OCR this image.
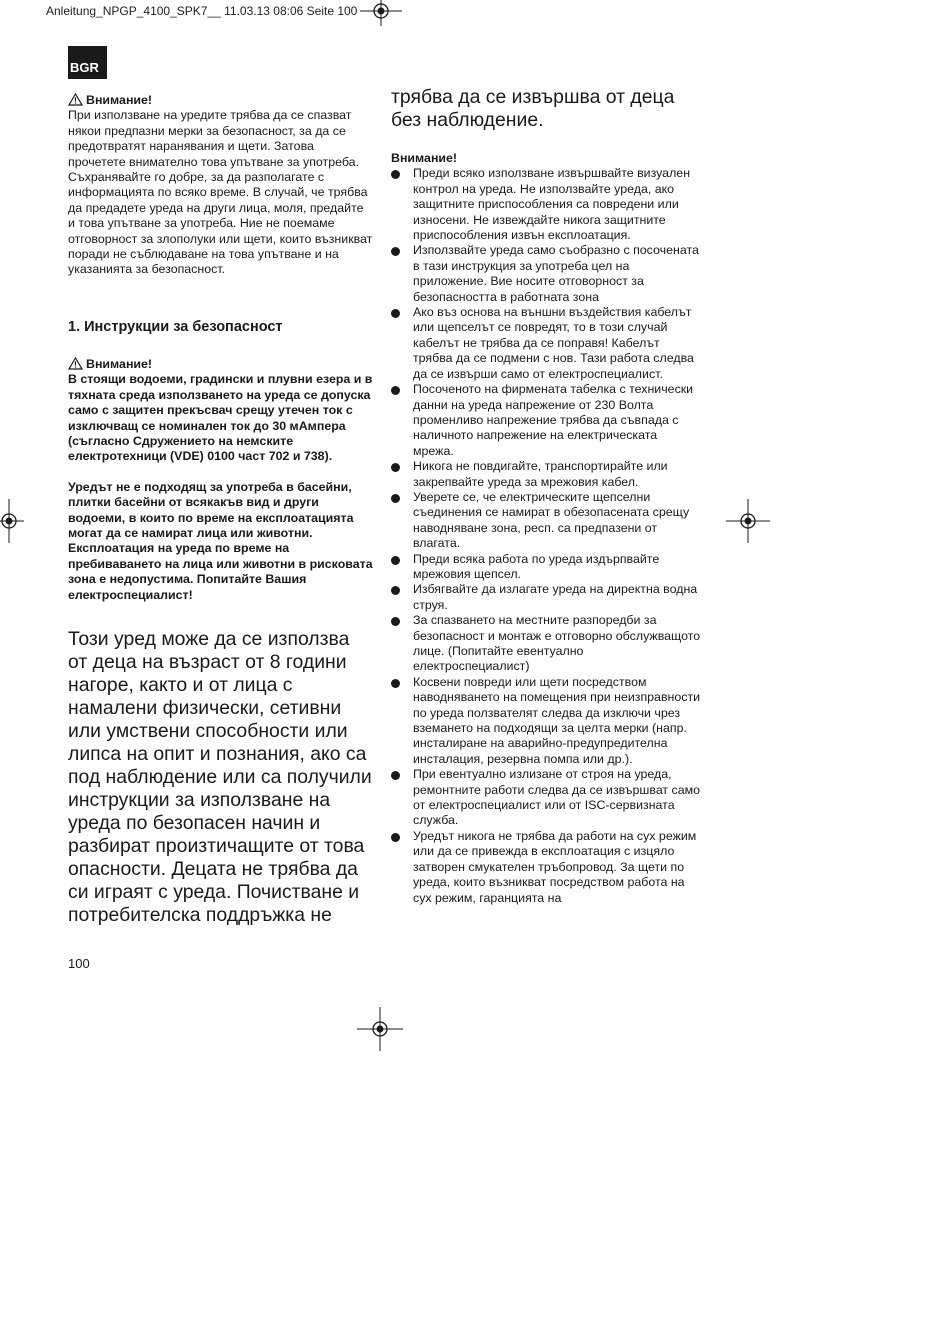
Anleitung_NPGP_4100_SPK7__ 11.03.13 08:06 Seite 100
BGR
Внимание!

При използване на уредите трябва да се спазват някои предпазни мерки за безопасност, за да се предотвратят наранявания и щети. Затова прочетете внимателно това упътване за употреба. Съхранявайте го добре, за да разполагате с информацията по всяко време. В случай, че трябва да предадете уреда на други лица, моля, предайте и това упътване за употреба. Ние не поемаме отговорност за злополуки или щети, които възникват поради не съблюдаване на това упътване и на указанията за безопасност.

1. Инструкции за безопасност
Внимание!

В стоящи водоеми, градински и плувни езера и в тяхната среда използването на уреда се допуска само с защитен прекъсвач срещу утечен ток с изключващ се номинален ток до 30 мАмпера (съгласно Сдружението на немските електротехници (VDE) 0100 част 702 и 738).

Уредът не е подходящ за употреба в басейни, плитки басейни от всякакъв вид и други водоеми, в които по време на експлоатацията могат да се намират лица или животни. Експлоатация на уреда по време на пребиваването на лица или животни в рисковата зона е недопустима. Попитайте Вашия електроспециалист!

Този уред може да се използва от деца на възраст от 8 години нагоре, както и от лица с намалени физически, сетивни или умствени способности или липса на опит и познания, ако са под наблюдение или са получили инструкции за използване на уреда по безопасен начин и разбират произтичащите от това опасности. Децата не трябва да си играят с уреда. Почистване и потребителска поддръжка не

трябва да се извършва от деца без наблюдение.

Внимание!
Преди всяко използване извършвайте визуален контрол на уреда. Не използвайте уреда, ако защитните приспособления са повредени или износени. Не извеждайте никога защитните приспособления извън експлоатация.
Използвайте уреда само съобразно с посочената в тази инструкция за употреба цел на приложение. Вие носите отговорност за безопасността в работната зона
Ако въз основа на външни въздействия кабелът или щепселът се повредят, то в този случай кабелът не трябва да се поправя! Кабелът трябва да се подмени с нов. Тази работа следва да се извърши само от електроспециалист.
Посоченото на фирмената табелка с технически данни на уреда напрежение от 230 Волта променливо напрежение трябва да съвпада с наличното напрежение на електрическата мрежа.
Никога не повдигайте, транспортирайте или закрепвайте уреда за мрежовия кабел.
Уверете се, че електрическите щепселни съединения се намират в обезопасената срещу наводняване зона, респ. са предпазени от влагата.
Преди всяка работа по уреда издърпвайте мрежовия щепсел.
Избягвайте да излагате уреда на директна водна струя.
За спазването на местните разпоредби за безопасност и монтаж е отговорно обслужващото лице. (Попитайте евентуално електроспециалист)
Косвени повреди или щети посредством наводняването на помещения при неизправности по уреда ползвателят следва да изключи чрез вземането на подходящи за целта мерки (напр. инсталиране на аварийно-предупредителна инсталация, резервна помпа или др.).
При евентуално излизане от строя на уреда, ремонтните работи следва да се извършват само от електроспециалист или от ISC-сервизната служба.
Уредът никога не трябва да работи на сух режим или да се привежда в експлоатация с изцяло затворен смукателен тръбопровод. За щети по уреда, които възникват посредством работа на сух режим, гаранцията на
100
